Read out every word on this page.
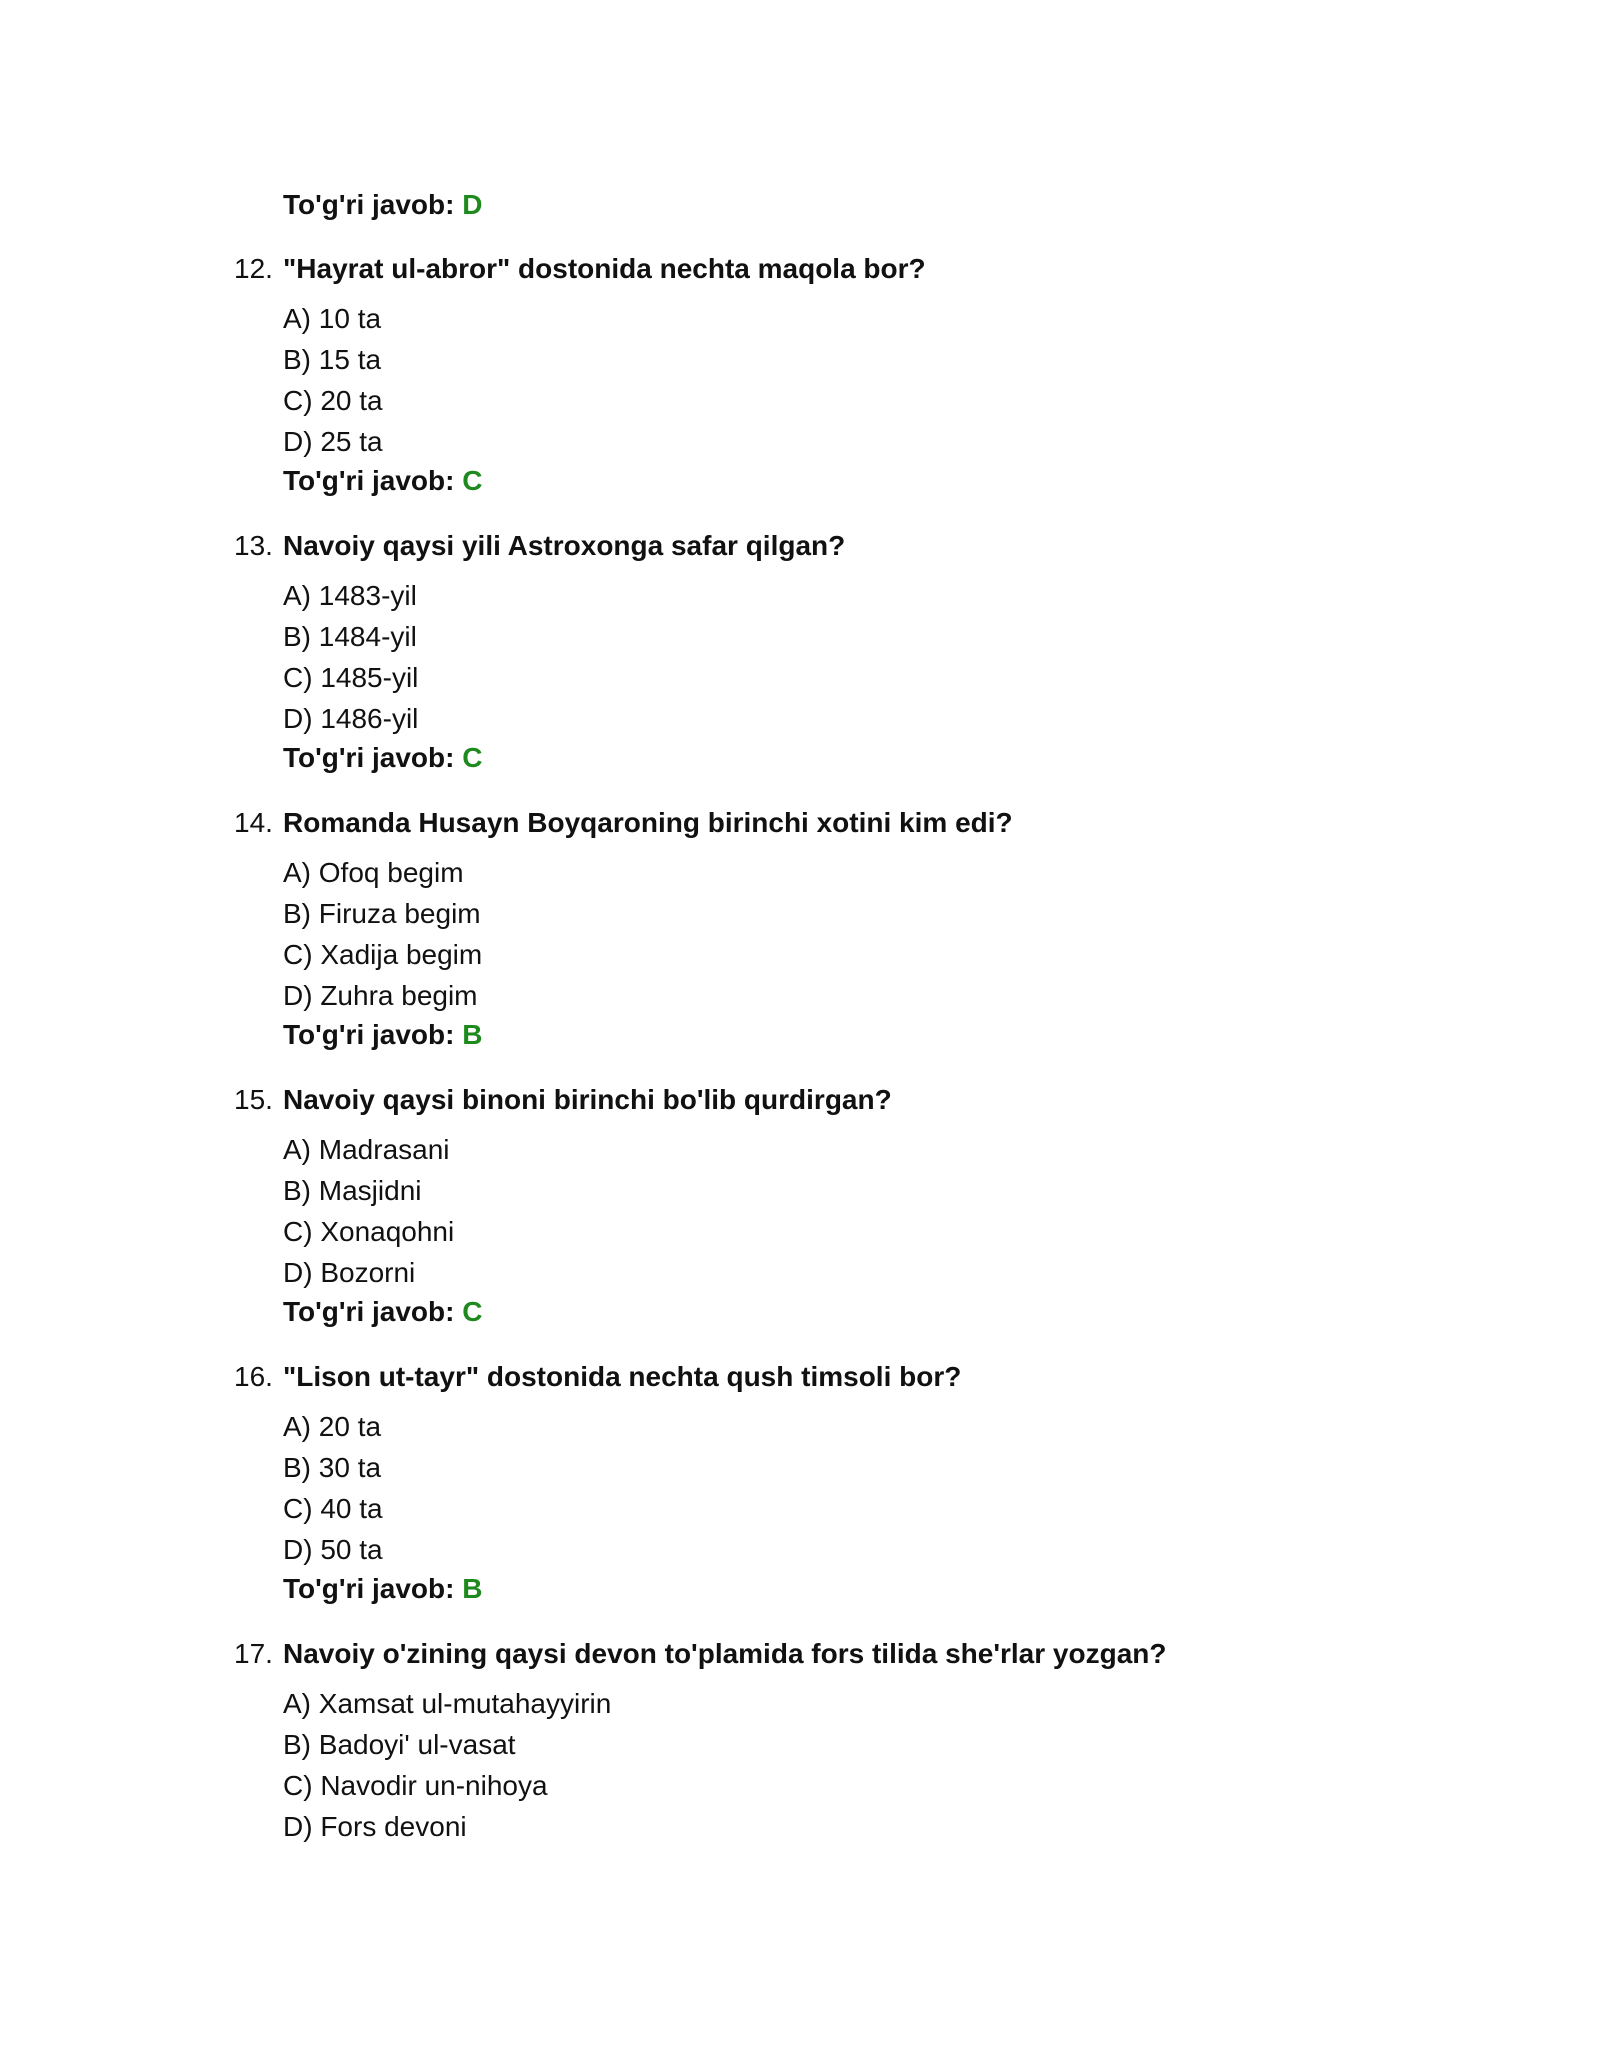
To'g'ri javob: D
12. "Hayrat ul-abror" dostonida nechta maqola bor?
A) 10 ta
B) 15 ta
C) 20 ta
D) 25 ta
To'g'ri javob: C
13. Navoiy qaysi yili Astroxonga safar qilgan?
A) 1483-yil
B) 1484-yil
C) 1485-yil
D) 1486-yil
To'g'ri javob: C
14. Romanda Husayn Boyqaroning birinchi xotini kim edi?
A) Ofoq begim
B) Firuza begim
C) Xadija begim
D) Zuhra begim
To'g'ri javob: B
15. Navoiy qaysi binoni birinchi bo'lib qurdirgan?
A) Madrasani
B) Masjidni
C) Xonaqohni
D) Bozorni
To'g'ri javob: C
16. "Lison ut-tayr" dostonida nechta qush timsoli bor?
A) 20 ta
B) 30 ta
C) 40 ta
D) 50 ta
To'g'ri javob: B
17. Navoiy o'zining qaysi devon to'plamida fors tilida she'rlar yozgan?
A) Xamsat ul-mutahayyirin
B) Badoyi' ul-vasat
C) Navodir un-nihoya
D) Fors devoni
